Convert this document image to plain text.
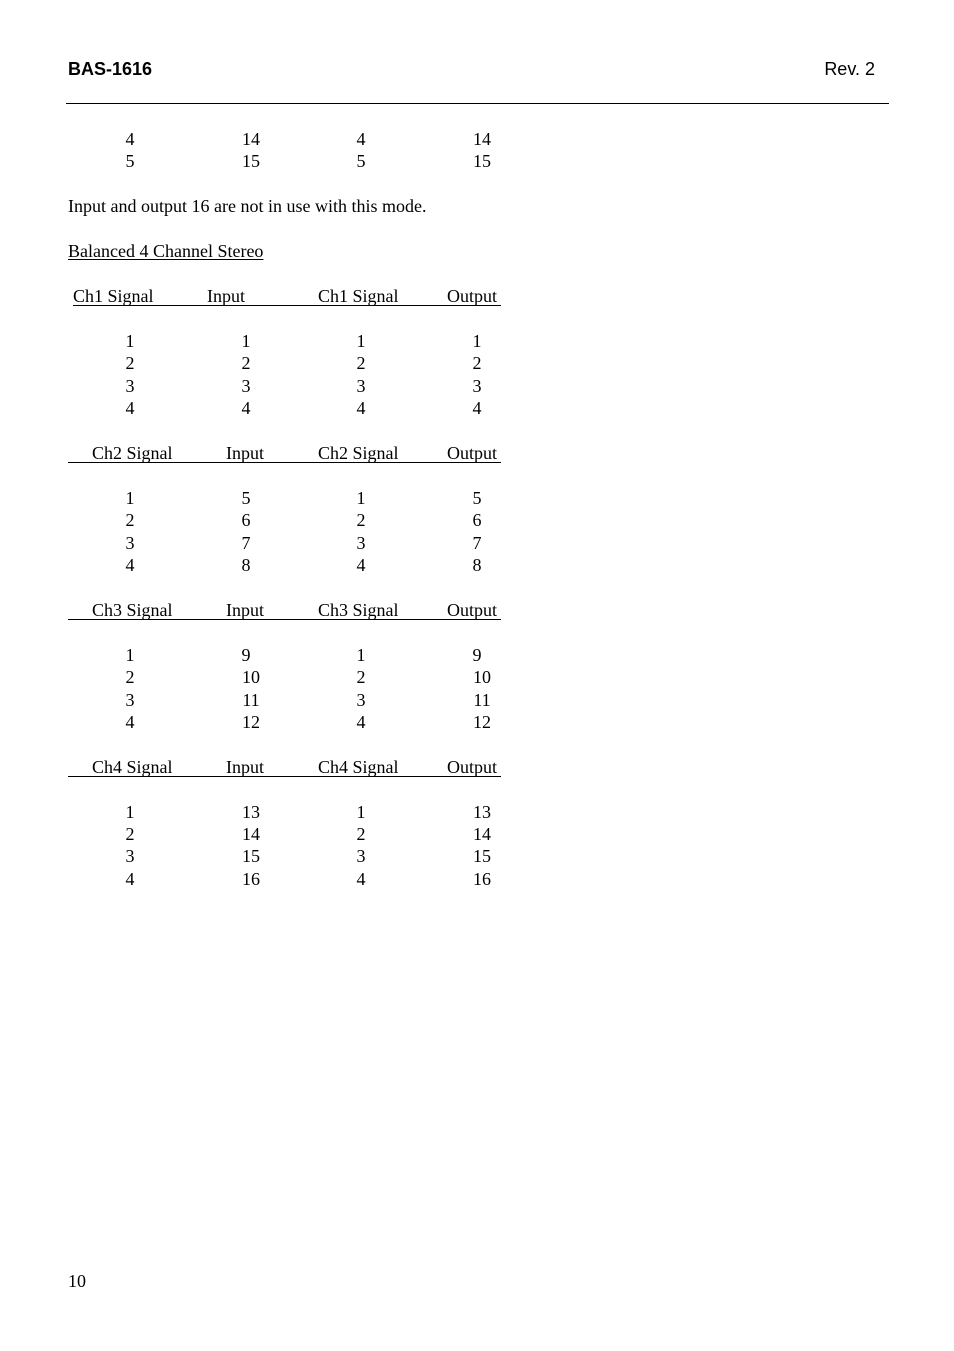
BAS-1616	Rev. 2
4	14	4	14
5	15	5	15
Input and output 16 are not in use with this mode.
Balanced 4 Channel Stereo
Ch1 Signal	Input	Ch1 Signal	Output
1	1	1	1
2	2	2	2
3	3	3	3
4	4	4	4
Ch2 Signal	Input	Ch2 Signal	Output
1	5	1	5
2	6	2	6
3	7	3	7
4	8	4	8
Ch3 Signal	Input	Ch3 Signal	Output
1	9	1	9
2	10	2	10
3	11	3	11
4	12	4	12
Ch4 Signal	Input	Ch4 Signal	Output
1	13	1	13
2	14	2	14
3	15	3	15
4	16	4	16
10
